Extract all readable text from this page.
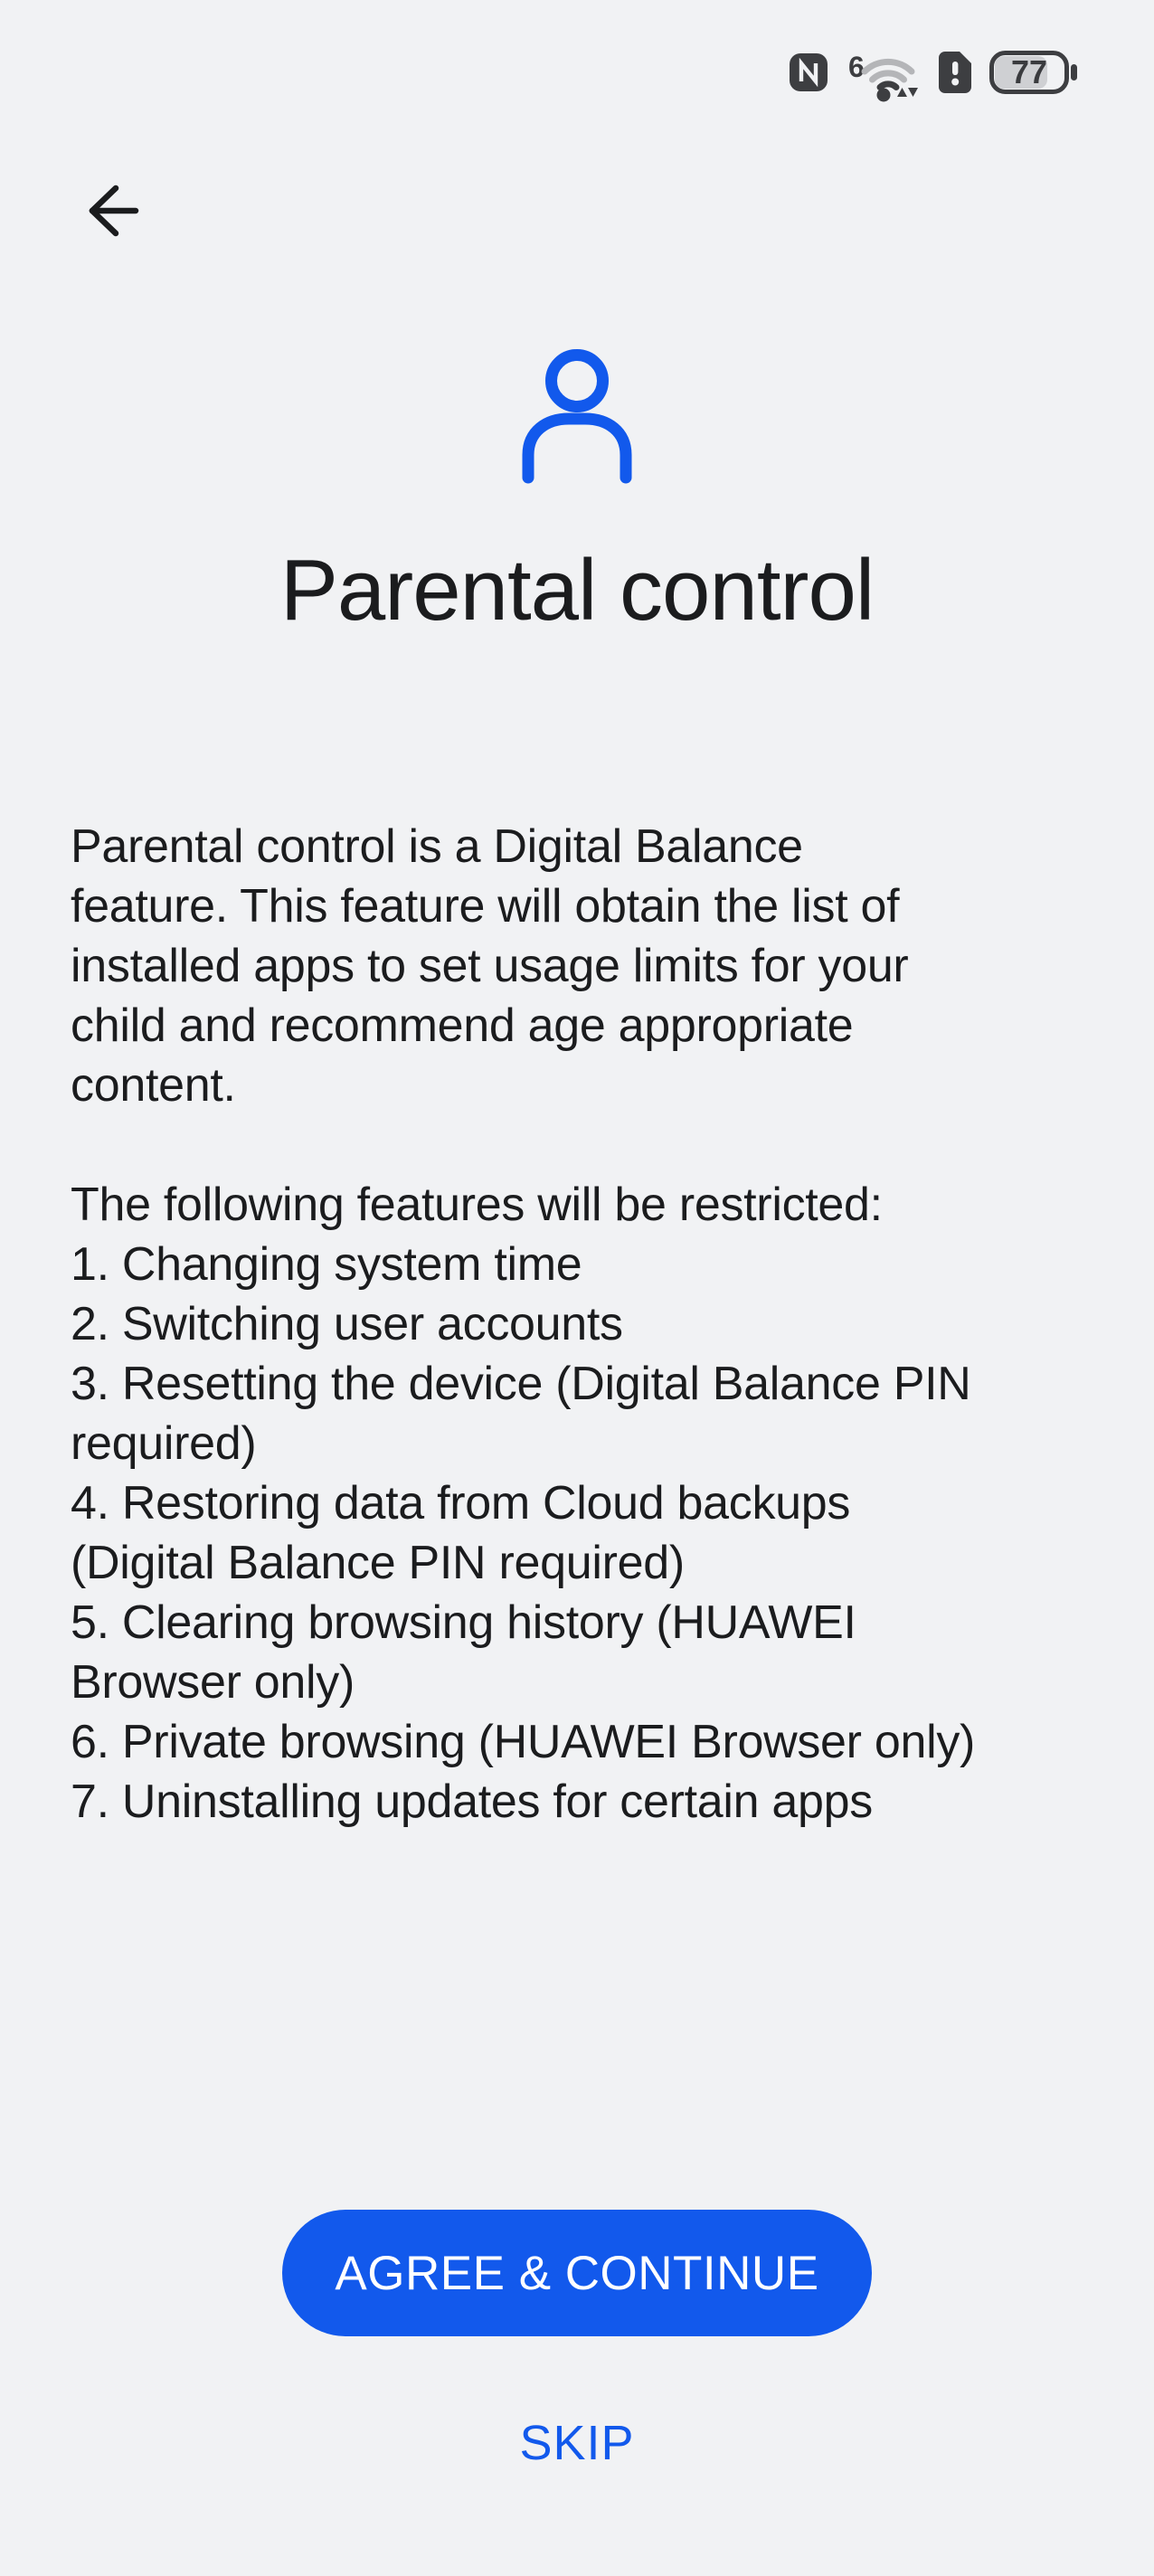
6	77
Parental control
Parental control is a Digital Balance
feature. This feature will obtain the list of
installed apps to set usage limits for your
child and recommend age appropriate
content.
The following features will be restricted:
1. Changing system time
2. Switching user accounts
3. Resetting the device (Digital Balance PIN
required)
4. Restoring data from Cloud backups
(Digital Balance PIN required)
5. Clearing browsing history (HUAWEI
Browser only)
6. Private browsing (HUAWEI Browser only)
7. Uninstalling updates for certain apps
AGREE & CONTINUE
SKIP
